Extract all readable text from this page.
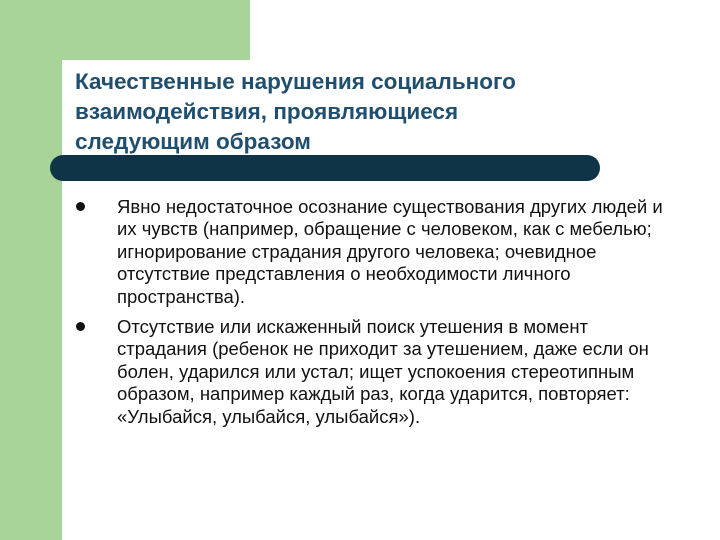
Качественные нарушения социального
взаимодействия, проявляющиеся
следующим образом
Явно недостаточное осознание существования других людей и их чувств (например, обращение с человеком, как с мебелью; игнорирование страдания другого человека; очевидное отсутствие представления о необходимости личного пространства).
Отсутствие или искаженный поиск утешения в момент страдания (ребенок не приходит за утешением, даже если он болен, ударился или устал; ищет успокоения стереотипным образом, например каждый раз, когда ударится, повторяет: «Улыбайся, улыбайся, улыбайся»).
